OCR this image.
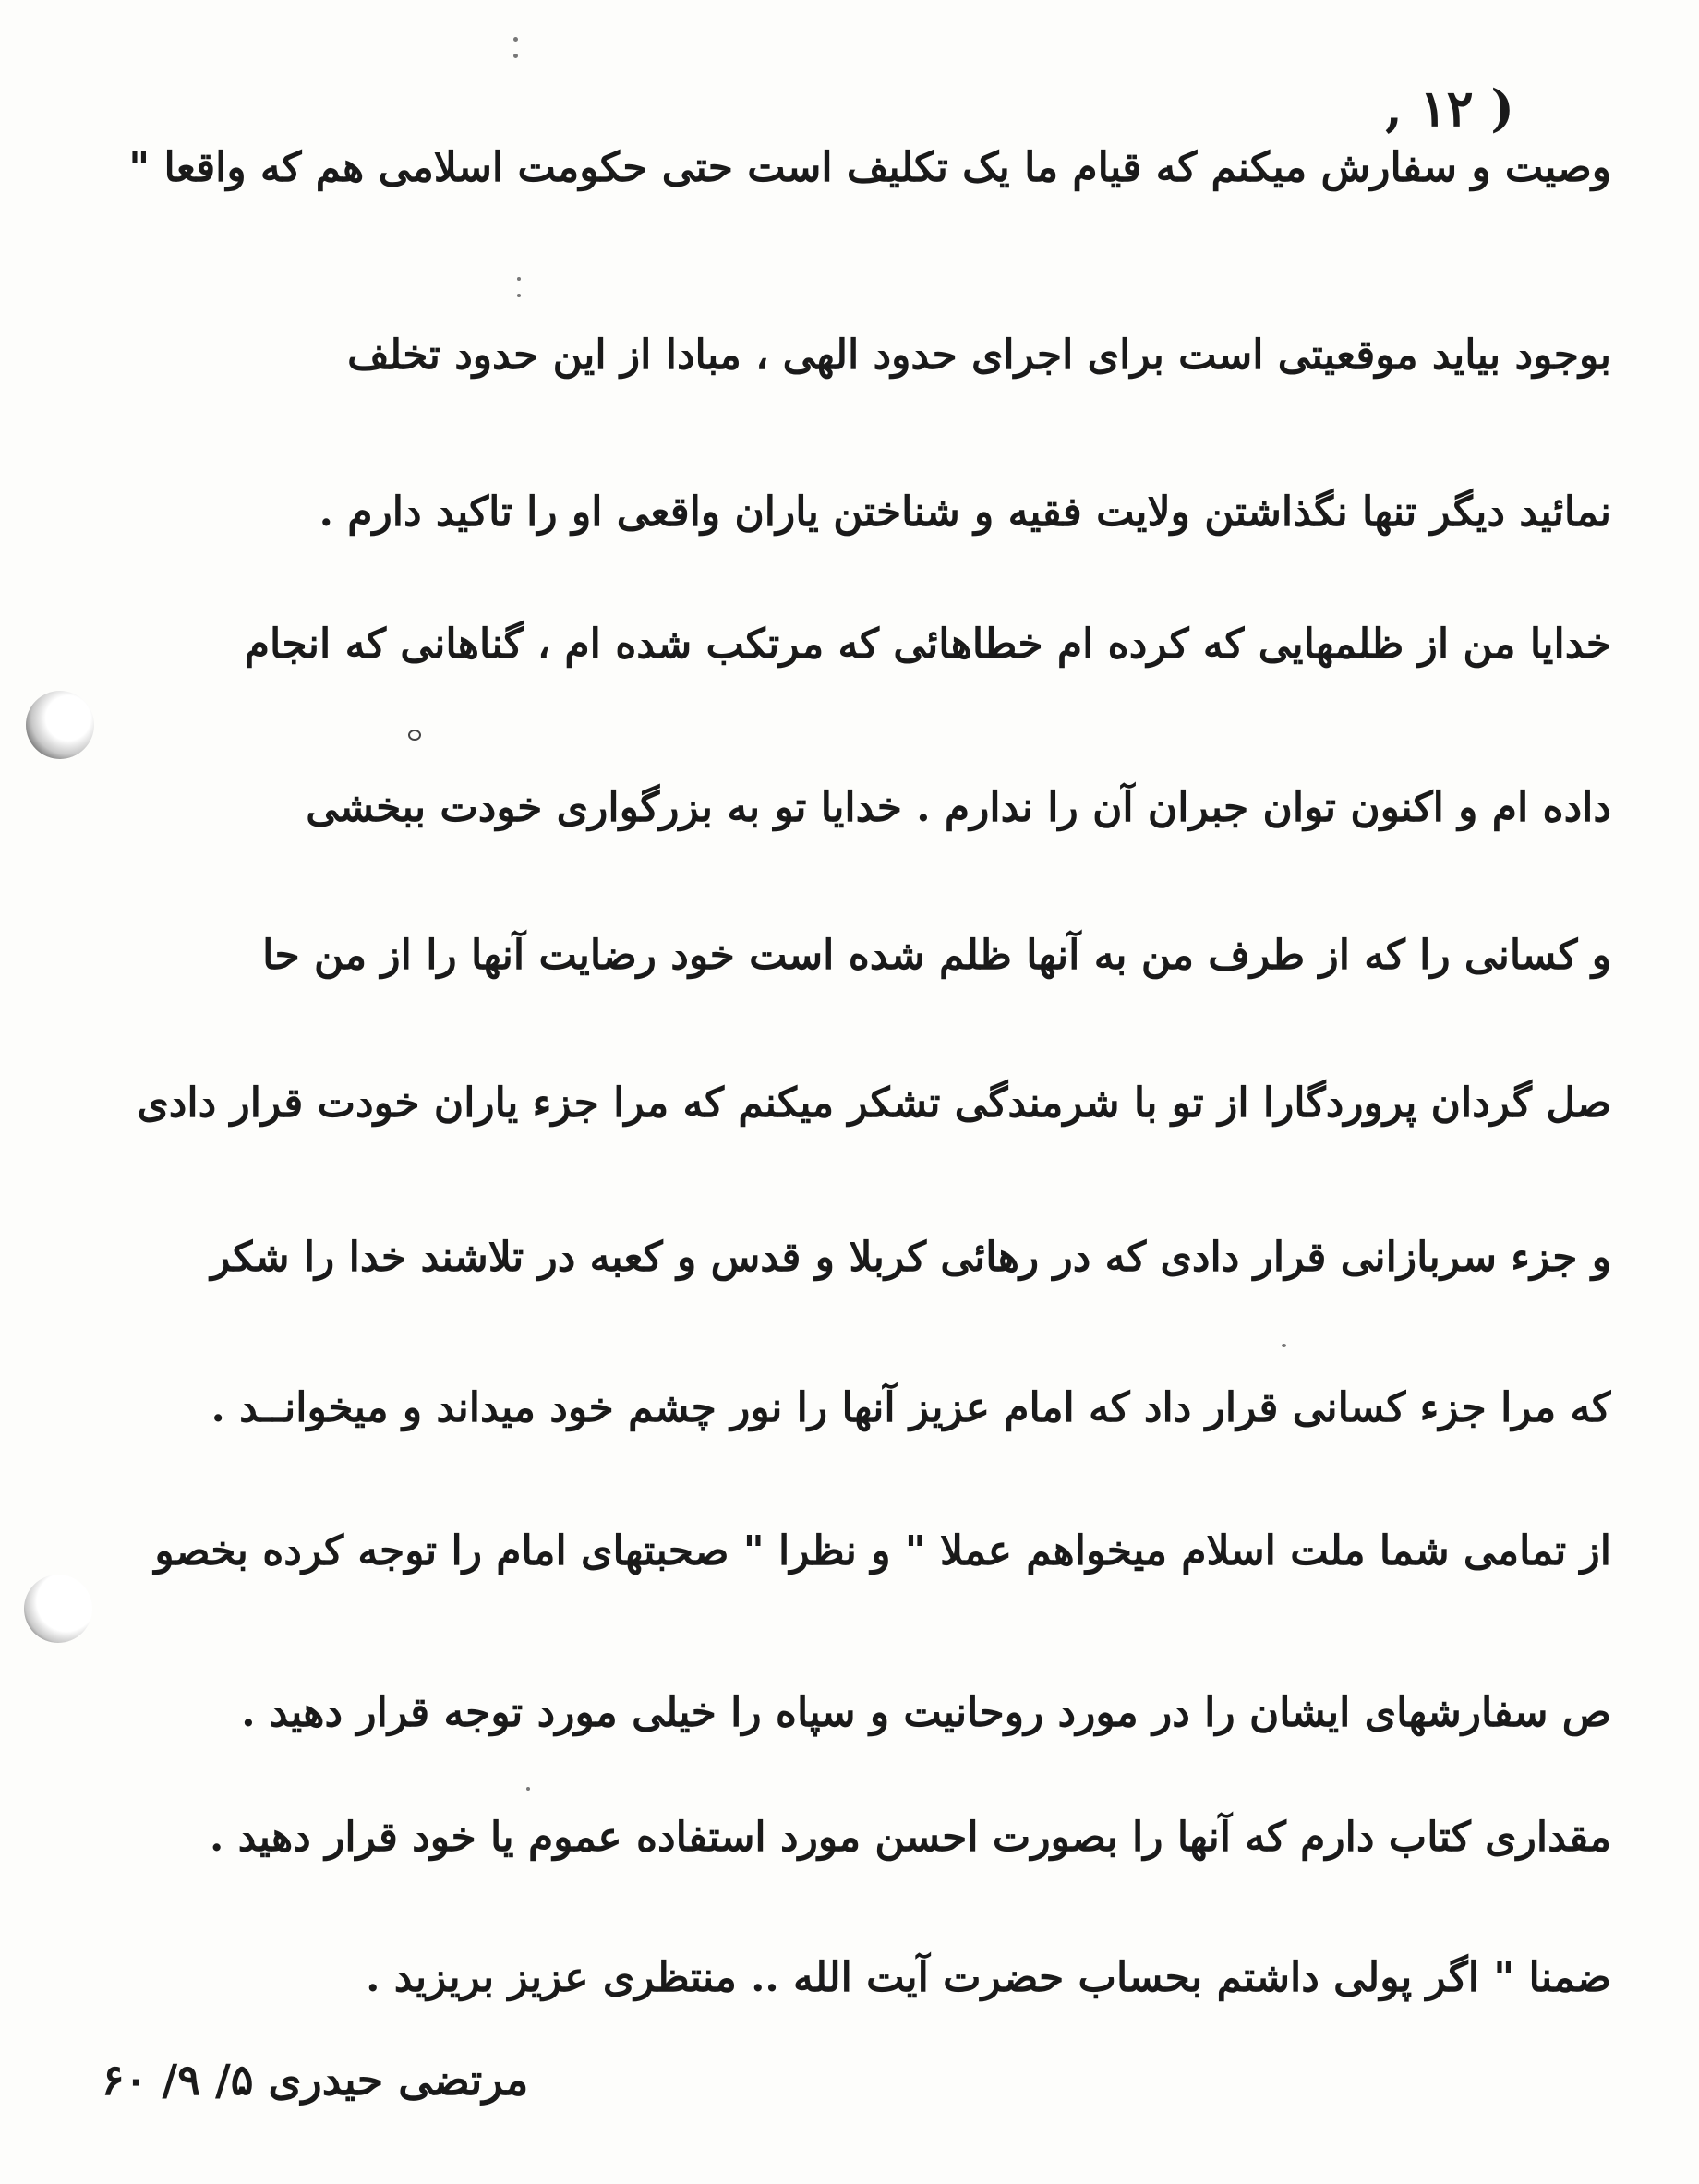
( ۱۲ ,
وصیت و سفارش میکنم که قیام ما یک تکلیف است حتی حکومت اسلامی هم که واقعا "
بوجود بیاید موقعیتی است برای اجرای حدود الهی ، مبادا از این حدود تخلف
نمائید دیگر تنها نگذاشتن ولایت فقیه و شناختن یاران واقعی او را تاکید دارم .
خدایا من از ظلمهایی که کرده ام خطاهائی که مرتکب شده ام ، گناهانی که انجام
داده ام و اکنون توان جبران آن را ندارم . خدایا تو به بزرگواری خودت ببخشی
و کسانی را که از طرف من به آنها ظلم شده است خود رضایت آنها را از من حا
صل گردان پروردگارا از تو با شرمندگی تشکر میکنم که مرا جزء یاران خودت قرار دادی
و جزء سربازانی قرار دادی که در رهائی کربلا و قدس و کعبه در تلاشند خدا را شکر
که مرا جزء کسانی قرار داد که امام عزیز آنها را نور چشم خود میداند و میخوانــد .
از تمامی شما ملت اسلام میخواهم عملا " و نظرا " صحبتهای امام را توجه کرده بخصو
ص سفارشهای ایشان را در مورد روحانیت و سپاه را خیلی مورد توجه قرار دهید .
مقداری کتاب دارم که آنها را بصورت احسن مورد استفاده عموم یا خود قرار دهید .
ضمنا " اگر پولی داشتم بحساب حضرت آیت الله .. منتظری عزیز بریزید .
مرتضی حیدری ۵/ ۹/ ۶۰
